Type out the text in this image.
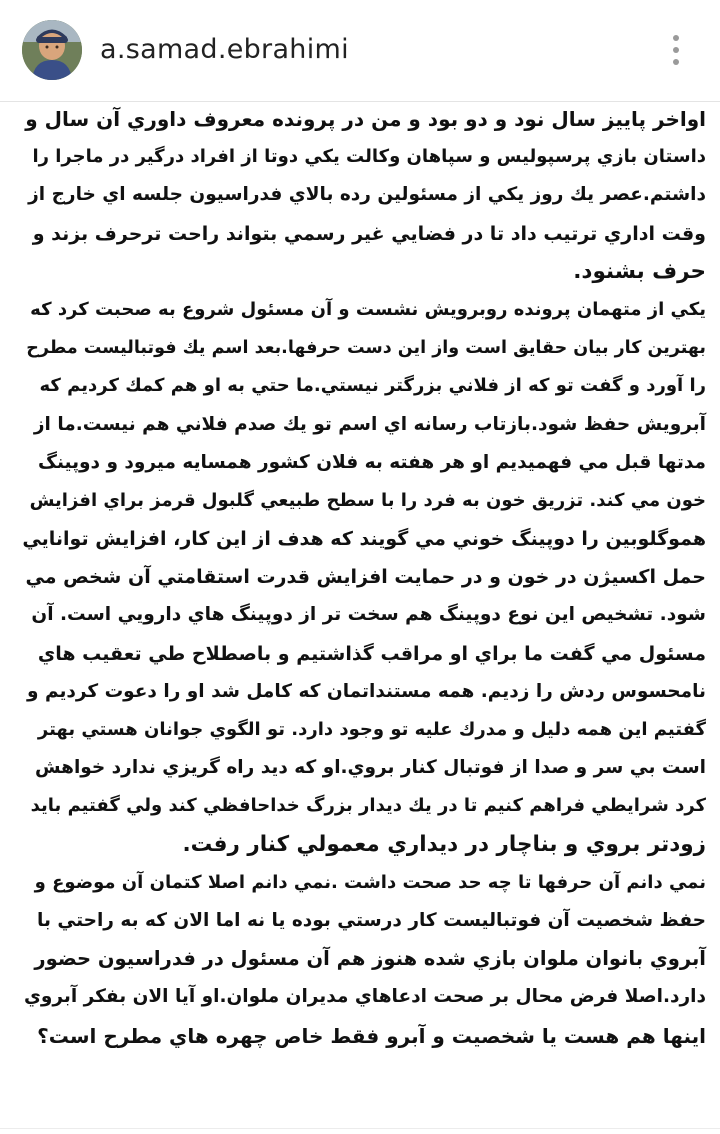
a.samad.ebrahimi
اواخر پاييز سال نود و دو بود و من در پرونده معروف داوري آن سال و
داستان بازي پرسپوليس و سپاهان وكالت يكي دوتا از افراد درگير در ماجرا را
داشتم.عصر يك روز يكي از مسئولين رده بالاي فدراسيون جلسه اي خارج از
وقت اداري ترتيب داد تا در فضايي غير رسمي بتواند راحت ترحرف بزند و
حرف بشنود.
يكي از متهمان پرونده روبرويش نشست و آن مسئول شروع به صحبت كرد كه
بهترين كار بيان حقايق است واز اين دست حرفها.بعد اسم يك فوتباليست مطرح
را آورد و گفت تو كه از فلاني بزرگتر نيستي.ما حتي به او هم كمك كرديم كه
آبرويش حفظ شود.بازتاب رسانه اي اسم تو يك صدم فلاني هم نيست.ما از
مدتها قبل مي فهميديم او هر هفته به فلان كشور همسايه ميرود و دوپينگ
خون مي كند. تزريق خون به فرد را با سطح طبيعي گلبول قرمز براي افزايش
هموگلوبين را دوپينگ خوني مي گويند كه هدف از اين كار، افزايش توانايي
حمل اكسيژن در خون و در حمايت افزايش قدرت استقامتي آن شخص مي
شود. تشخيص اين نوع دوپينگ هم سخت تر از دوپينگ هاي دارويي است. آن
مسئول مي گفت ما براي او مراقب گذاشتيم و باصطلاح طي تعقيب هاي
نامحسوس ردش را زديم. همه مستنداتمان كه كامل شد او را دعوت كرديم و
گفتيم اين همه دليل و مدرك عليه تو وجود دارد. تو الگوي جوانان هستي بهتر
است بي سر و صدا از فوتبال كنار بروي.او كه ديد راه گريزي ندارد خواهش
كرد شرايطي فراهم كنيم تا در يك ديدار بزرگ خداحافظي كند ولي گفتيم بايد
زودتر بروي و بناچار در ديداري معمولي كنار رفت.
نمي دانم آن حرفها تا چه حد صحت داشت .نمي دانم اصلا كتمان آن موضوع و
حفظ شخصيت آن فوتباليست كار درستي بوده يا نه اما الان كه به راحتي با
آبروي بانوان ملوان بازي شده هنوز هم آن مسئول در فدراسيون حضور
دارد.اصلا فرض محال بر صحت ادعاهاي مديران ملوان.او آيا الان بفكر آبروي
اينها هم هست يا شخصيت و آبرو فقط خاص چهره هاي مطرح است؟
